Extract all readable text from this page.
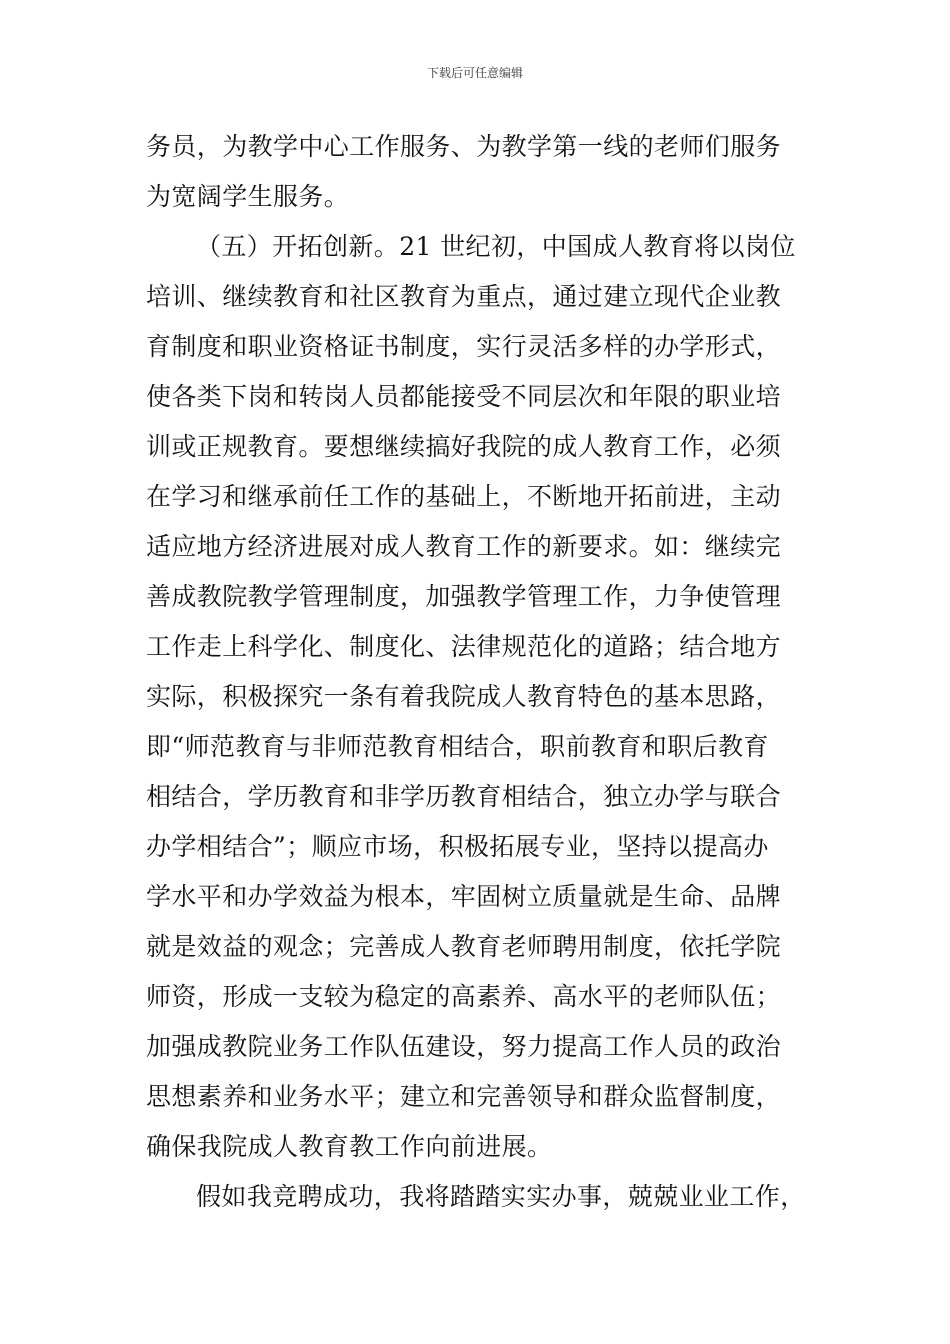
下载后可任意编辑
务员，为教学中心工作服务、为教学第一线的老师们服务
为宽阔学生服务。
（五）开拓创新。21 世纪初，中国成人教育将以岗位
培训、继续教育和社区教育为重点，通过建立现代企业教
育制度和职业资格证书制度，实行灵活多样的办学形式，
使各类下岗和转岗人员都能接受不同层次和年限的职业培
训或正规教育。要想继续搞好我院的成人教育工作，必须
在学习和继承前任工作的基础上，不断地开拓前进，主动
适应地方经济进展对成人教育工作的新要求。如：继续完
善成教院教学管理制度，加强教学管理工作，力争使管理
工作走上科学化、制度化、法律规范化的道路；结合地方
实际，积极探究一条有着我院成人教育特色的基本思路，
即“师范教育与非师范教育相结合，职前教育和职后教育
相结合，学历教育和非学历教育相结合，独立办学与联合
办学相结合”；顺应市场，积极拓展专业，坚持以提高办
学水平和办学效益为根本，牢固树立质量就是生命、品牌
就是效益的观念；完善成人教育老师聘用制度，依托学院
师资，形成一支较为稳定的高素养、高水平的老师队伍；
加强成教院业务工作队伍建设，努力提高工作人员的政治
思想素养和业务水平；建立和完善领导和群众监督制度，
确保我院成人教育教工作向前进展。
假如我竞聘成功，我将踏踏实实办事，兢兢业业工作，
